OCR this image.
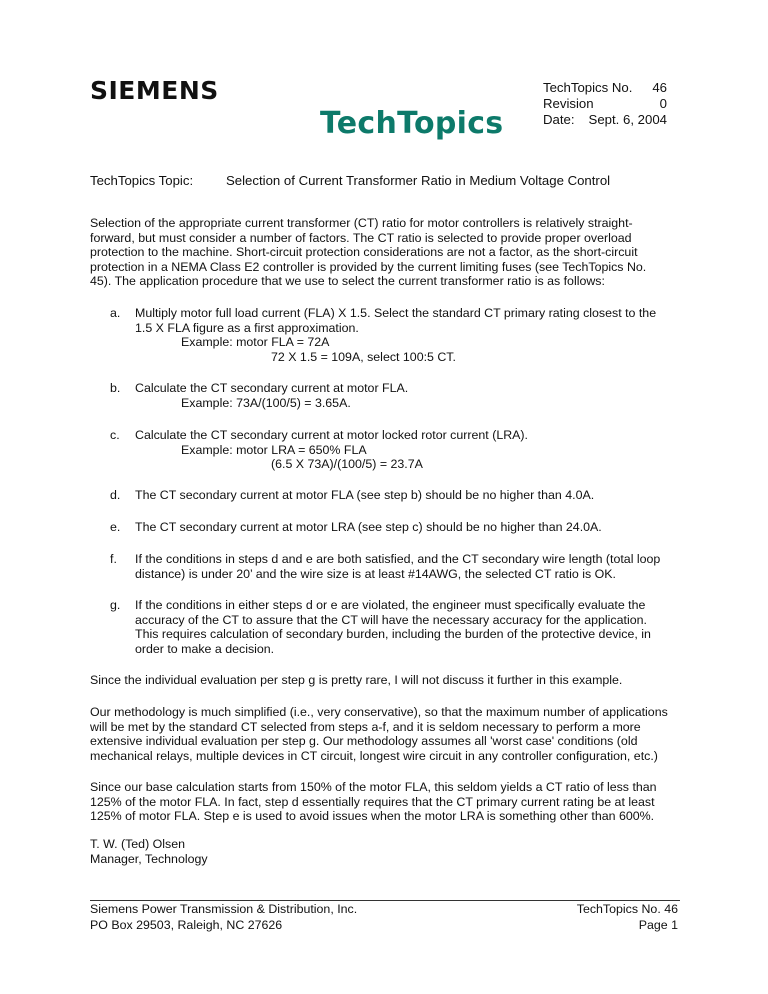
SIEMENS
TechTopics
TechTopics No. 46
Revision	0
Date: Sept. 6, 2004
TechTopics Topic: Selection of Current Transformer Ratio in Medium Voltage Control
Selection of the appropriate current transformer (CT) ratio for motor controllers is relatively straight-
forward, but must consider a number of factors. The CT ratio is selected to provide proper overload
protection to the machine. Short-circuit protection considerations are not a factor, as the short-circuit
protection in a NEMA Class E2 controller is provided by the current limiting fuses (see TechTopics No.
45). The application procedure that we use to select the current transformer ratio is as follows:
a.	Multiply motor full load current (FLA) X 1.5. Select the standard CT primary rating closest to the
1.5 X FLA figure as a first approximation.
Example: motor FLA = 72A
72 X 1.5 = 109A, select 100:5 CT.
b.	Calculate the CT secondary current at motor FLA.
Example: 73A/(100/5) = 3.65A.
c.	Calculate the CT secondary current at motor locked rotor current (LRA).
Example: motor LRA = 650% FLA
(6.5 X 73A)/(100/5) = 23.7A
d.	The CT secondary current at motor FLA (see step b) should be no higher than 4.0A.
e.	The CT secondary current at motor LRA (see step c) should be no higher than 24.0A.
f.	If the conditions in steps d and e are both satisfied, and the CT secondary wire length (total loop
distance) is under 20’ and the wire size is at least #14AWG, the selected CT ratio is OK.
g.	If the conditions in either steps d or e are violated, the engineer must specifically evaluate the
accuracy of the CT to assure that the CT will have the necessary accuracy for the application.
This requires calculation of secondary burden, including the burden of the protective device, in
order to make a decision.
Since the individual evaluation per step g is pretty rare, I will not discuss it further in this example.
Our methodology is much simplified (i.e., very conservative), so that the maximum number of applications
will be met by the standard CT selected from steps a-f, and it is seldom necessary to perform a more
extensive individual evaluation per step g. Our methodology assumes all 'worst case' conditions (old
mechanical relays, multiple devices in CT circuit, longest wire circuit in any controller configuration, etc.)
Since our base calculation starts from 150% of the motor FLA, this seldom yields a CT ratio of less than
125% of the motor FLA. In fact, step d essentially requires that the CT primary current rating be at least
125% of motor FLA. Step e is used to avoid issues when the motor LRA is something other than 600%.
T. W. (Ted) Olsen
Manager, Technology
Siemens Power Transmission & Distribution, Inc.
PO Box 29503, Raleigh, NC 27626
TechTopics No. 46
Page 1
